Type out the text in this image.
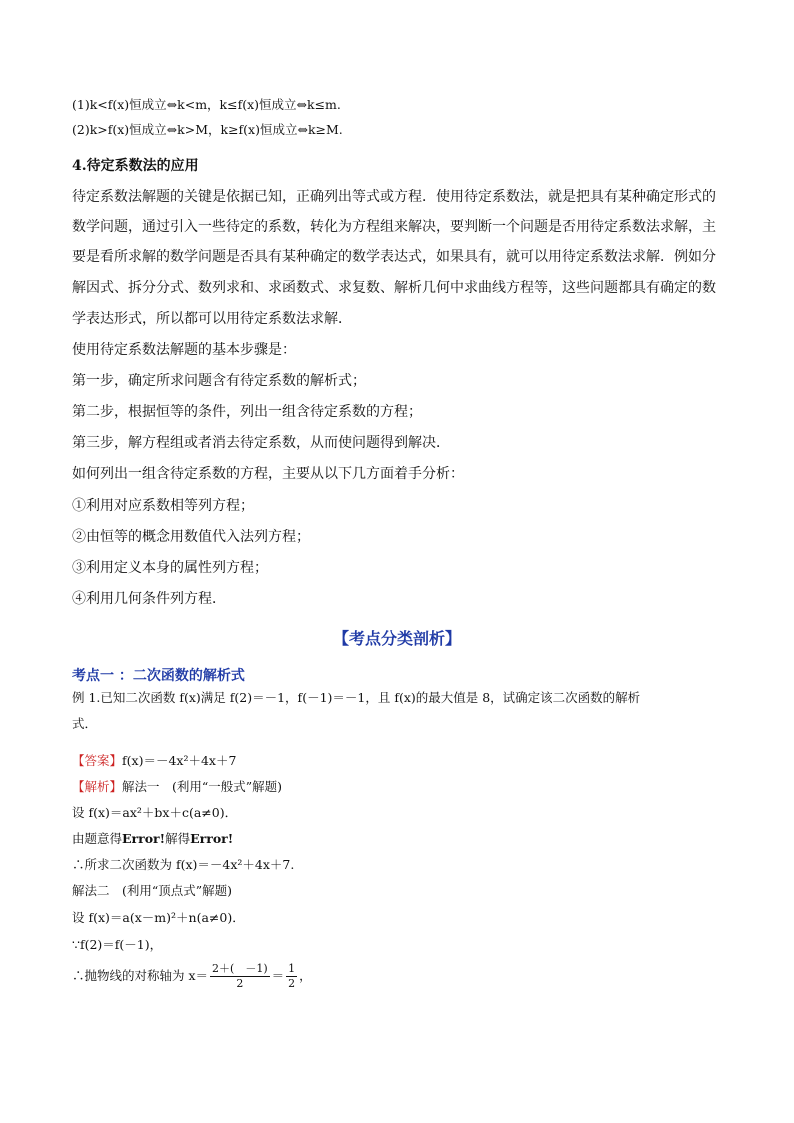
(1)k<f(x)恒成立⇔k<m，k≤f(x)恒成立⇔k≤m.
(2)k>f(x)恒成立⇔k>M，k≥f(x)恒成立⇔k≥M.
4.待定系数法的应用
待定系数法解题的关键是依据已知，正确列出等式或方程．使用待定系数法，就是把具有某种确定形式的
数学问题，通过引入一些待定的系数，转化为方程组来解决，要判断一个问题是否用待定系数法求解，主
要是看所求解的数学问题是否具有某种确定的数学表达式，如果具有，就可以用待定系数法求解．例如分
解因式、拆分分式、数列求和、求函数式、求复数、解析几何中求曲线方程等，这些问题都具有确定的数
学表达形式，所以都可以用待定系数法求解．
使用待定系数法解题的基本步骤是：
第一步，确定所求问题含有待定系数的解析式；
第二步，根据恒等的条件，列出一组含待定系数的方程；
第三步，解方程组或者消去待定系数，从而使问题得到解决．
如何列出一组含待定系数的方程，主要从以下几方面着手分析：
①利用对应系数相等列方程；
②由恒等的概念用数值代入法列方程；
③利用定义本身的属性列方程；
④利用几何条件列方程．
【考点分类剖析】
考点一 ：二次函数的解析式
例 1.已知二次函数 f(x)满足 f(2)＝－1，f(－1)＝－1，且 f(x)的最大值是 8，试确定该二次函数的解析
式．
【答案】f(x)＝－4x²＋4x＋7
【解析】解法一　(利用“一般式”解题)
设 f(x)＝ax²＋bx＋c(a≠0)．
由题意得Error!解得Error!
∴所求二次函数为 f(x)＝－4x²＋4x＋7.
解法二　(利用“顶点式”解题)
设 f(x)＝a(x－m)²＋n(a≠0)．
∵f(2)＝f(－1)，
∴抛物线的对称轴为 $x= \frac{2+( -1)}{2} = \frac{1}{2}$ ，
